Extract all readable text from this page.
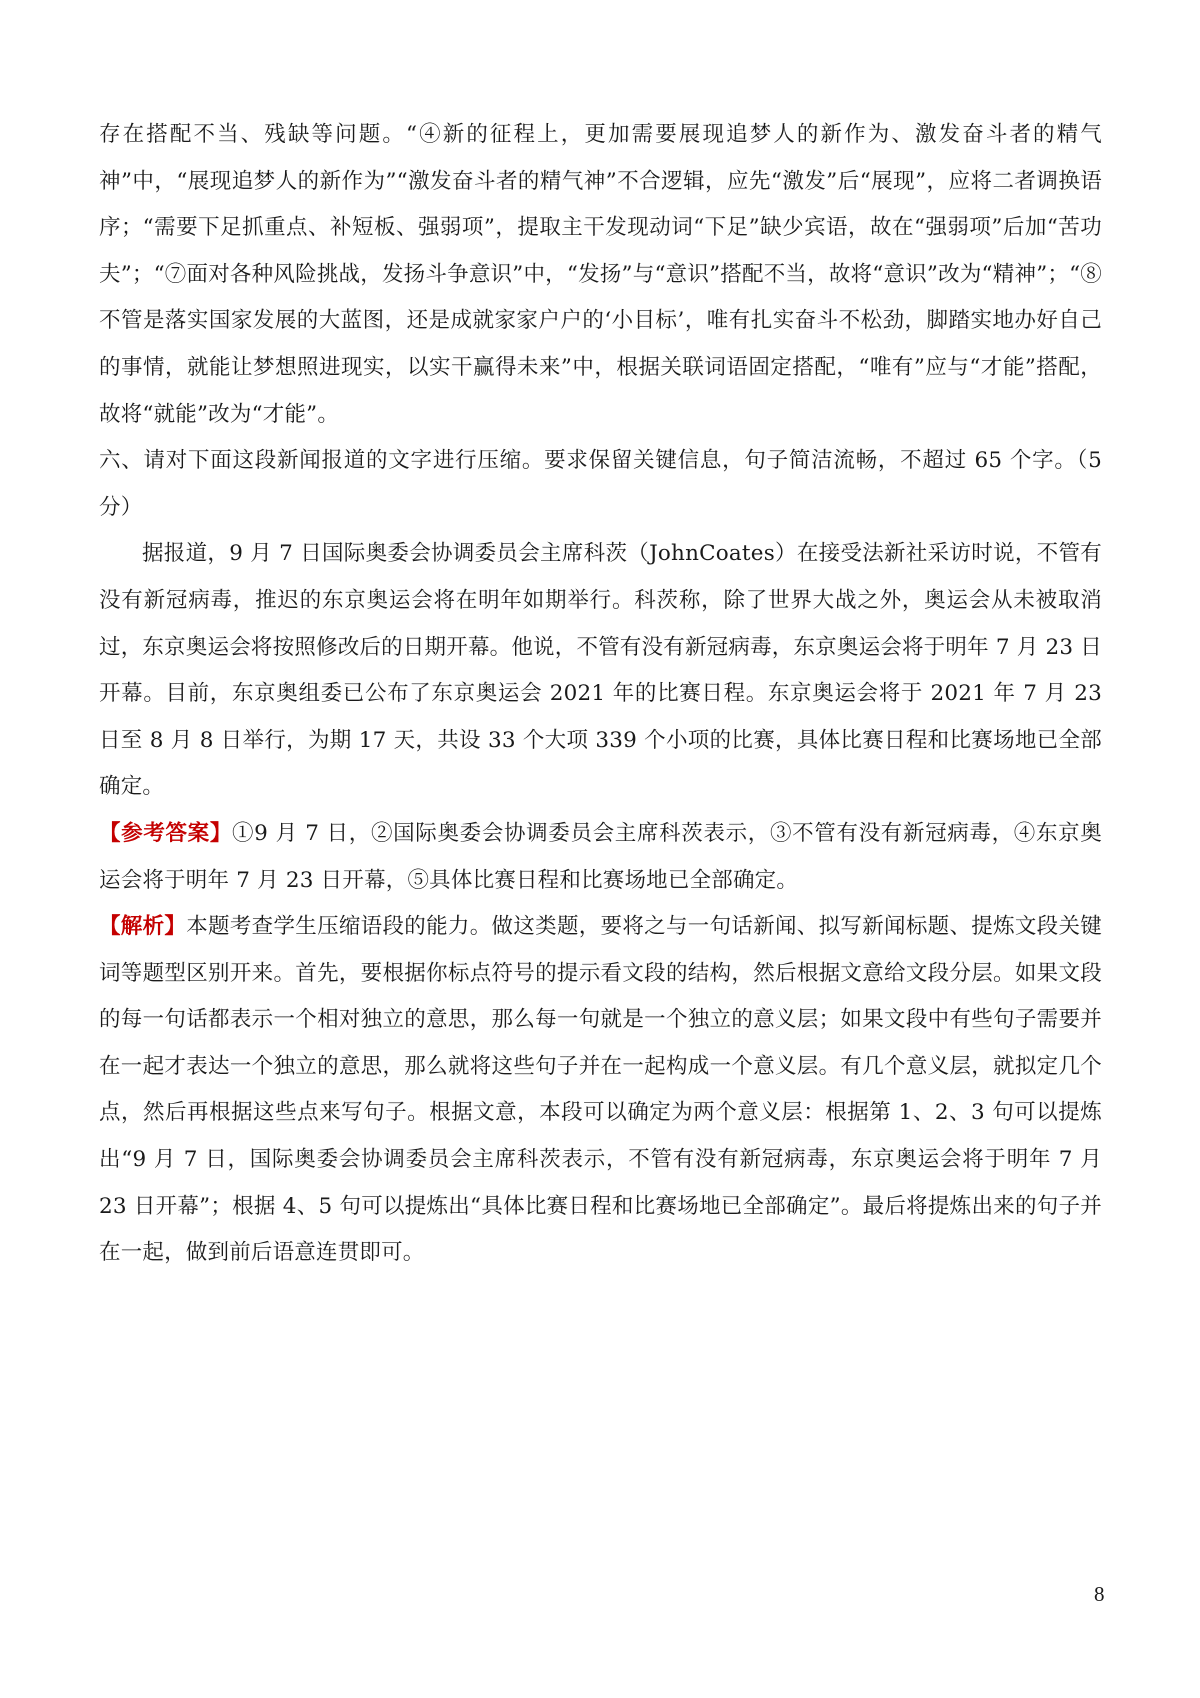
存在搭配不当、残缺等问题。“④新的征程上，更加需要展现追梦人的新作为、激发奋斗者的精气神”中，“展现追梦人的新作为”“激发奋斗者的精气神”不合逻辑，应先“激发”后“展现”，应将二者调换语序；“需要下足抓重点、补短板、强弱项”，提取主干发现动词“下足”缺少宾语，故在“强弱项”后加“苦功夫”；“⑦面对各种风险挑战，发扬斗争意识”中，“发扬”与“意识”搭配不当，故将“意识”改为“精神”；“⑧不管是落实国家发展的大蓝图，还是成就家家户户的‘小目标’，唯有扎实奋斗不松劲，脚踏实地办好自己的事情，就能让梦想照进现实，以实干赢得未来”中，根据关联词语固定搭配，“唯有”应与“才能”搭配，故将“就能”改为“才能”。

六、请对下面这段新闻报道的文字进行压缩。要求保留关键信息，句子简洁流畅，不超过 65 个字。（5 分）

据报道，9 月 7 日国际奥委会协调委员会主席科茨（JohnCoates）在接受法新社采访时说，不管有没有新冠病毒，推迟的东京奥运会将在明年如期举行。科茨称，除了世界大战之外，奥运会从未被取消过，东京奥运会将按照修改后的日期开幕。他说，不管有没有新冠病毒，东京奥运会将于明年 7 月 23 日开幕。目前，东京奥组委已公布了东京奥运会 2021 年的比赛日程。东京奥运会将于 2021 年 7 月 23 日至 8 月 8 日举行，为期 17 天，共设 33 个大项 339 个小项的比赛，具体比赛日程和比赛场地已全部确定。

【参考答案】①9 月 7 日，②国际奥委会协调委员会主席科茨表示，③不管有没有新冠病毒，④东京奥运会将于明年 7 月 23 日开幕，⑤具体比赛日程和比赛场地已全部确定。

【解析】本题考查学生压缩语段的能力。做这类题，要将之与一句话新闻、拟写新闻标题、提炼文段关键词等题型区别开来。首先，要根据你标点符号的提示看文段的结构，然后根据文意给文段分层。如果文段的每一句话都表示一个相对独立的意思，那么每一句就是一个独立的意义层；如果文段中有些句子需要并在一起才表达一个独立的意思，那么就将这些句子并在一起构成一个意义层。有几个意义层，就拟定几个点，然后再根据这些点来写句子。根据文意，本段可以确定为两个意义层：根据第 1、2、3 句可以提炼出“9 月 7 日，国际奥委会协调委员会主席科茨表示，不管有没有新冠病毒，东京奥运会将于明年 7 月 23 日开幕”；根据 4、5 句可以提炼出“具体比赛日程和比赛场地已全部确定”。最后将提炼出来的句子并在一起，做到前后语意连贯即可。

8
